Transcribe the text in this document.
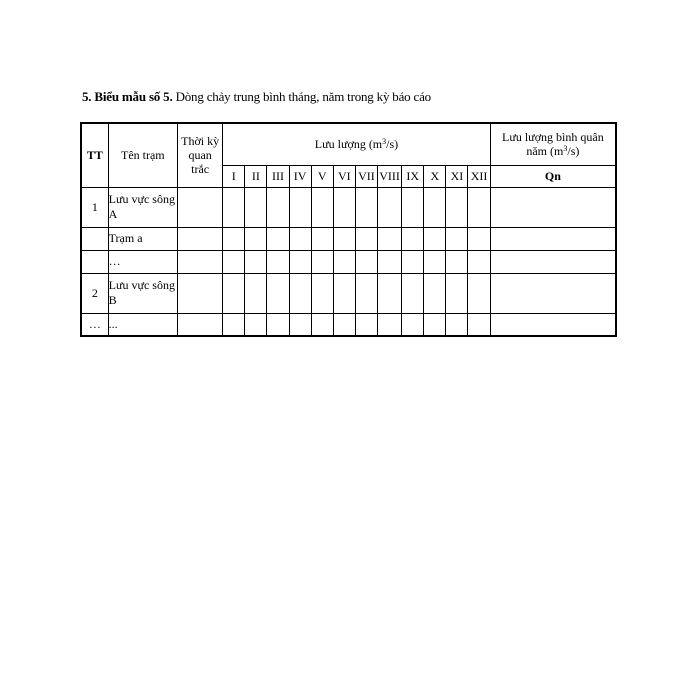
5. Biểu mẫu số 5. Dòng chảy trung bình tháng, năm trong kỳ báo cáo
TT	Tên trạm	Thời kỳ quan trắc	Lưu lượng $(m^3/s)$												Lưu lượng bình quân năm $(m^3/s)$
			I	II	III	IV	V	VI	VII	VIII	IX	X	XI	XII	Qn
1	Lưu vực sông A														
	Trạm a														
	…														
2	Lưu vực sông B														
…	...														
